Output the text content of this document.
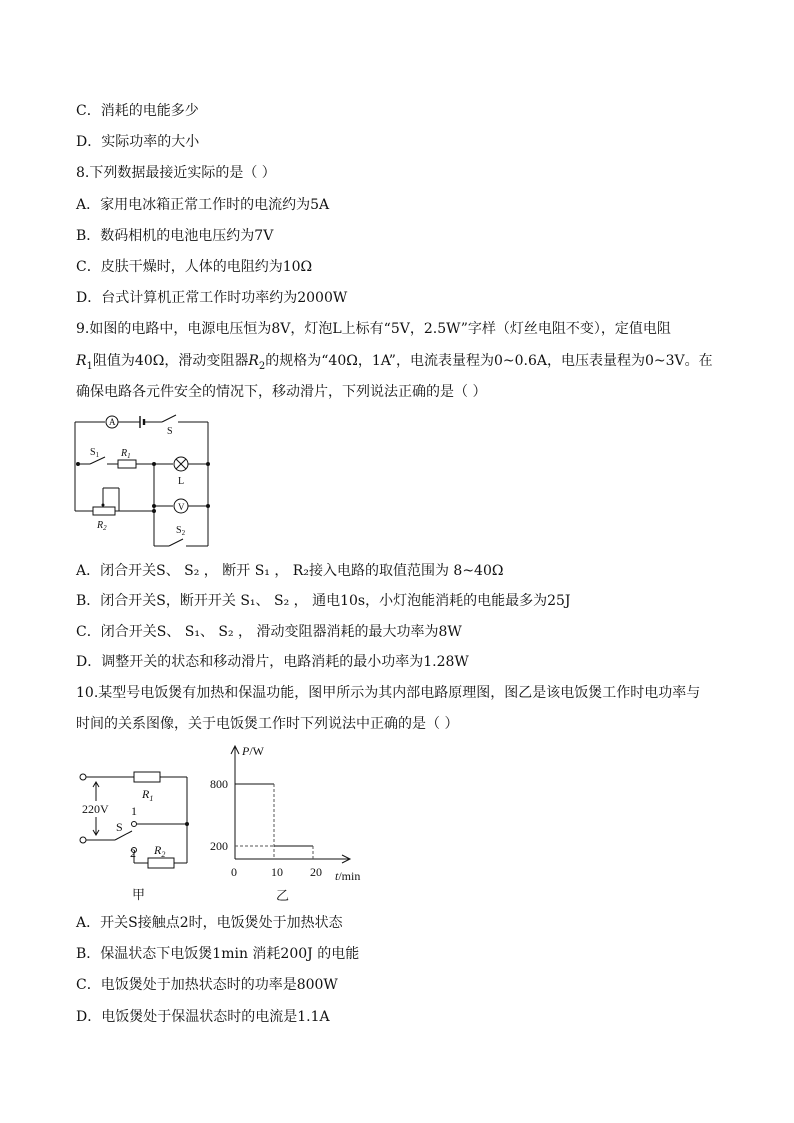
C．消耗的电能多少
D．实际功率的大小
8.下列数据最接近实际的是（ ）
A．家用电冰箱正常工作时的电流约为5A
B．数码相机的电池电压约为7V
C．皮肤干燥时，人体的电阻约为10Ω
D．台式计算机正常工作时功率约为2000W
9.如图的电路中，电源电压恒为8V，灯泡L上标有“5V，2.5W”字样（灯丝电阻不变），定值电阻
$R_1$阻值为40Ω，滑动变阻器$R_2$的规格为“40Ω，1A”，电流表量程为0~0.6A，电压表量程为0~3V。在
确保电路各元件安全的情况下，移动滑片，下列说法正确的是（ ）
A
S
$S_1$ $R_1$
L
V
$R_2$	$S_2$
A．闭合开关S、 S₂ ， 断开 S₁ ， R₂接入电路的取值范围为 8~40Ω
B．闭合开关S，断开开关 S₁、 S₂ ， 通电10s，小灯泡能消耗的电能最多为25J
C．闭合开关S、 S₁、 S₂ ， 滑动变阻器消耗的最大功率为8W
D．调整开关的状态和移动滑片，电路消耗的最小功率为1.28W
10.某型号电饭煲有加热和保温功能，图甲所示为其内部电路原理图，图乙是该电饭煲工作时电功率与
时间的关系图像，关于电饭煲工作时下列说法中正确的是（ ）
220V
$R_1$
S
1
2 $R_2$
甲
P/W
800
200
0	10 20 t/min
乙
A．开关S接触点2时，电饭煲处于加热状态
B．保温状态下电饭煲1min 消耗200J 的电能
C．电饭煲处于加热状态时的功率是800W
D．电饭煲处于保温状态时的电流是1.1A
